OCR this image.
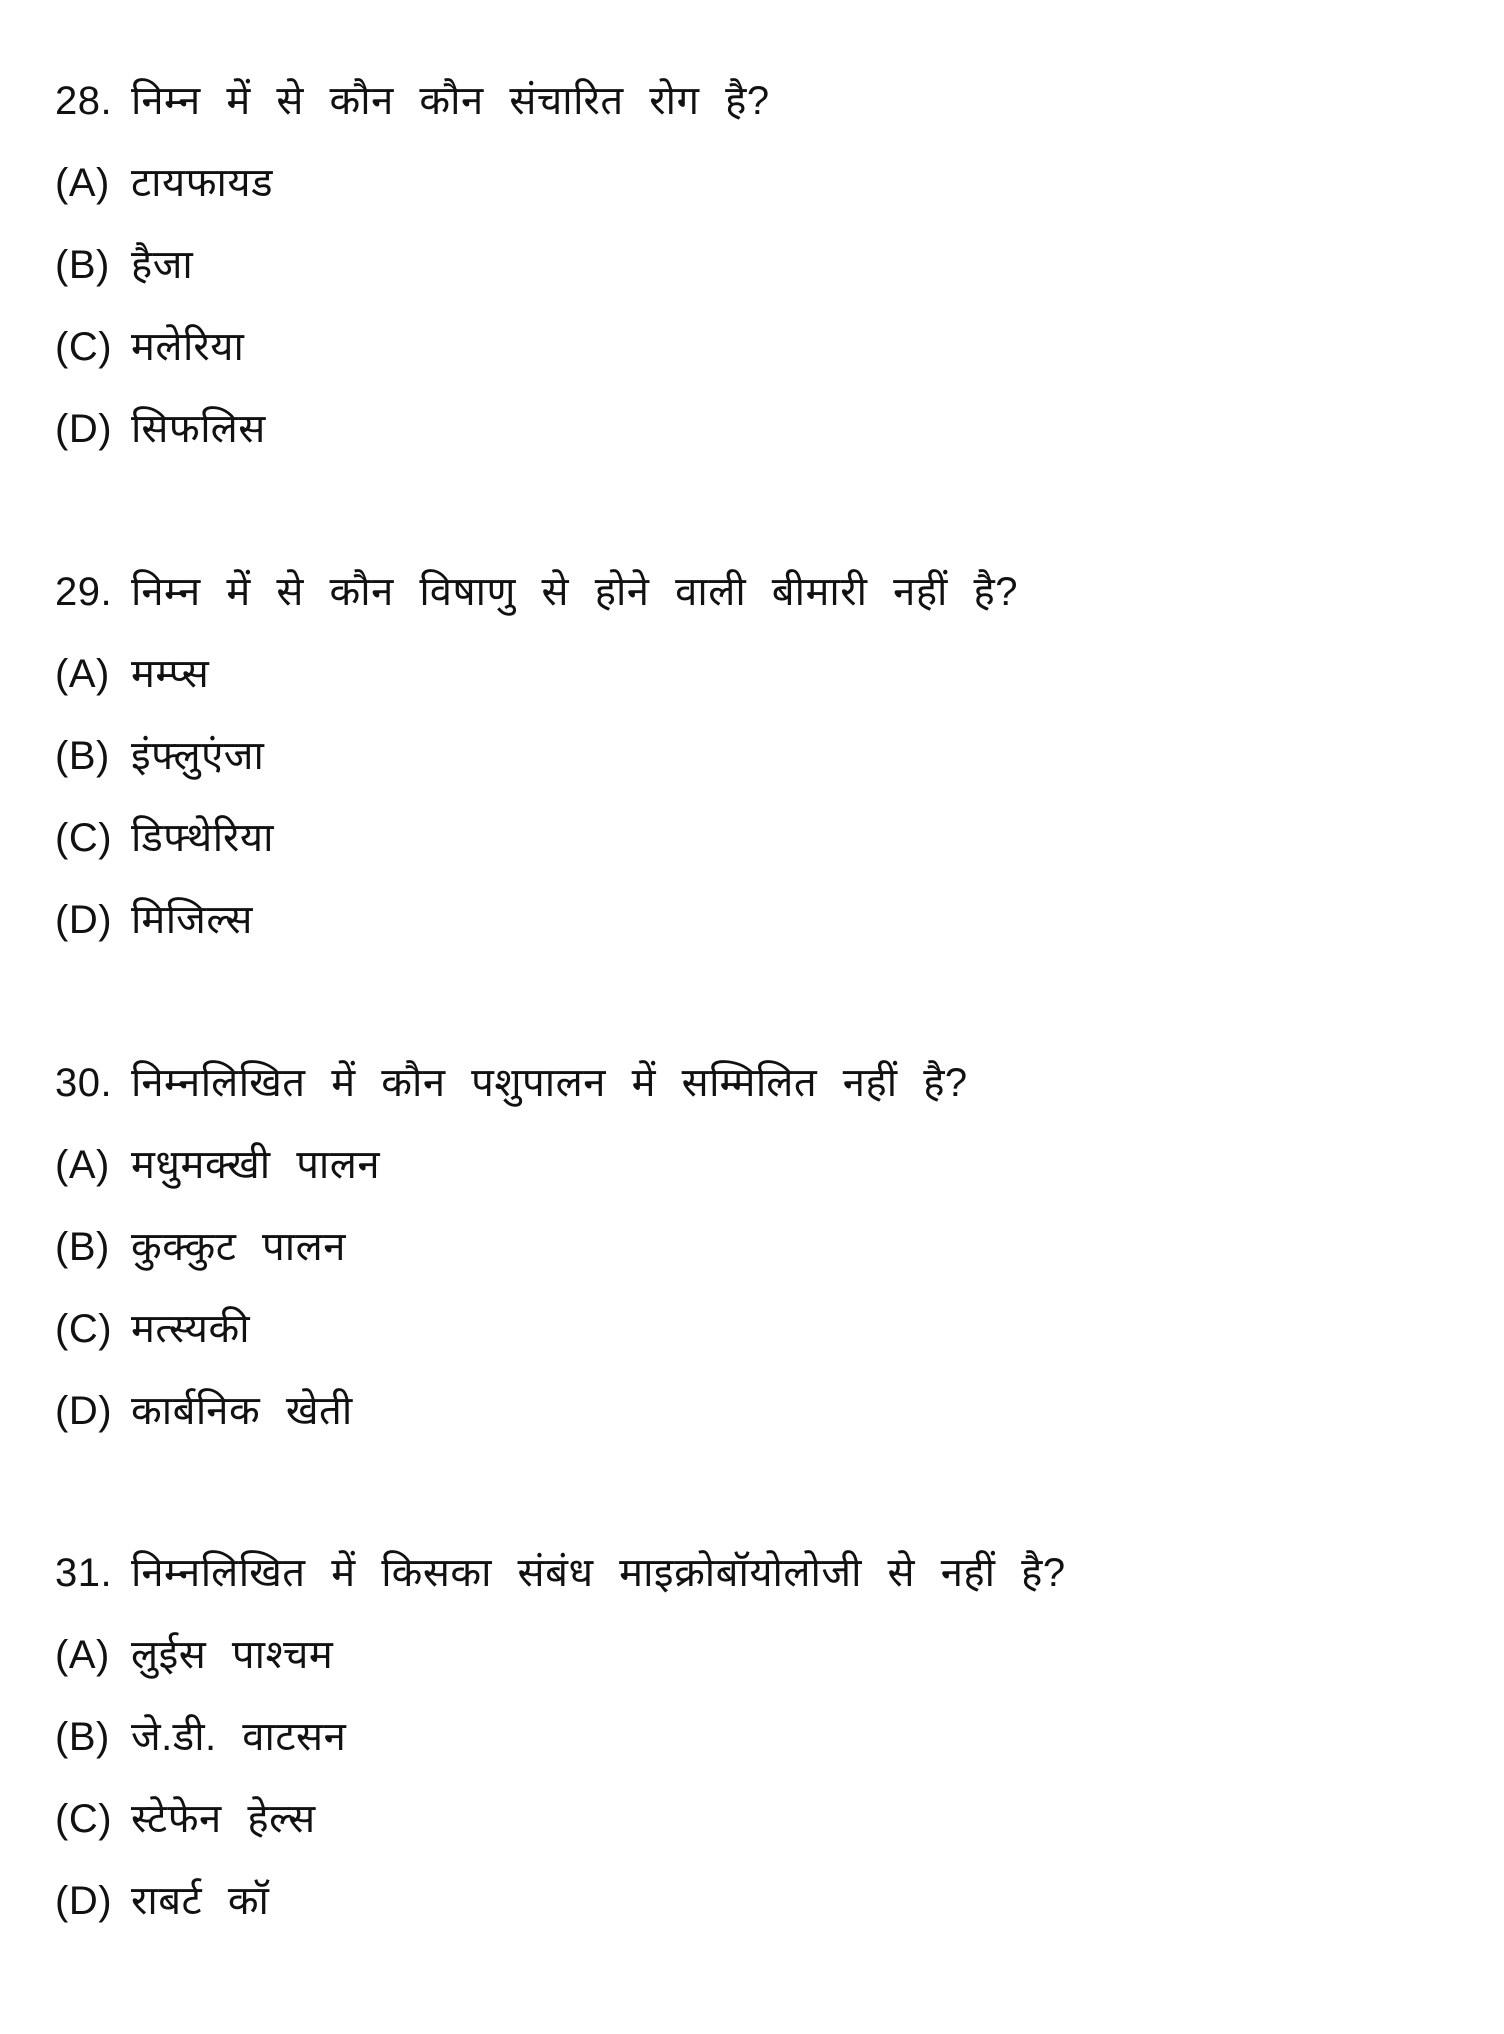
28. निम्न में से कौन कौन संचारित रोग है?
(A) टायफायड
(B) हैजा
(C) मलेरिया
(D) सिफलिस
29. निम्न में से कौन विषाणु से होने वाली बीमारी नहीं है?
(A) मम्प्स
(B) इंफ्लुएंजा
(C) डिफ्थेरिया
(D) मिजिल्स
30. निम्नलिखित में कौन पशुपालन में सम्मिलित नहीं है?
(A) मधुमक्खी पालन
(B) कुक्कुट पालन
(C) मत्स्यकी
(D) कार्बनिक खेती
31. निम्नलिखित में किसका संबंध माइक्रोबॉयोलोजी से नहीं है?
(A) लुईस पाश्चम
(B) जे.डी. वाटसन
(C) स्टेफेन हेल्स
(D) राबर्ट कॉ
